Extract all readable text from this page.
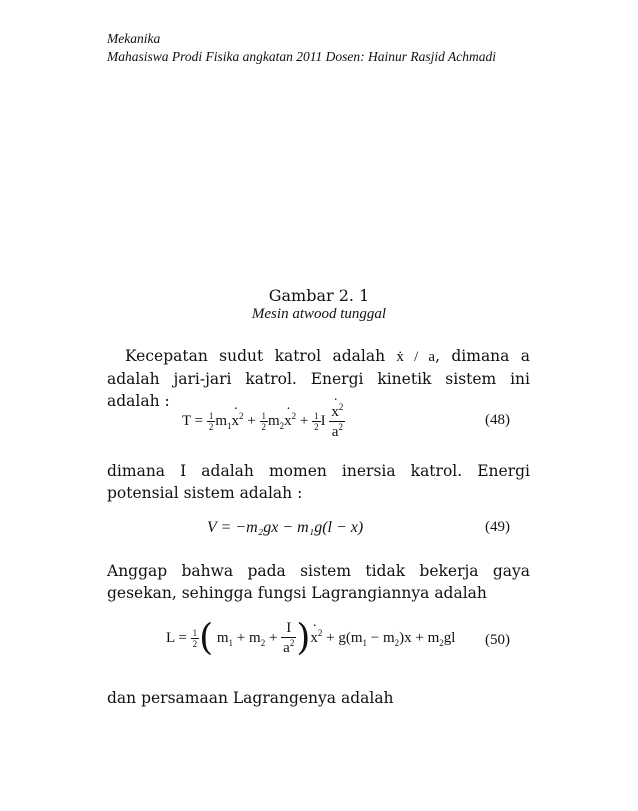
Mekanika
Mahasiswa Prodi Fisika angkatan 2011 Dosen: Hainur Rasjid Achmadi
Gambar 2. 1
Mesin atwood tunggal
Kecepatan sudut katrol adalah ẋ / a, dimana a adalah jari-jari katrol. Energi kinetik sistem ini adalah :
$T = \frac{1}{2} m_1\cdot x^2 + \frac{1}{2} m_2\cdot x^2 + \frac{1}{2}$ I
· $\frac{x^2}{a^2}$	(48)
dimana I adalah momen inersia katrol. Energi potensial sistem adalah :
V = −m₂gx − m₁g(l − x)	(49)
Anggap bahwa pada sistem tidak bekerja gaya gesekan, sehingga fungsi Lagrangiannya adalah
$L = \frac{1}{2}$ ( $m_1 + m_2 + \frac{I}{a^2}$ )· $x^2 + g(m_1 - m_2)x + m_2gl$ (50)
dan persamaan Lagrangenya adalah
